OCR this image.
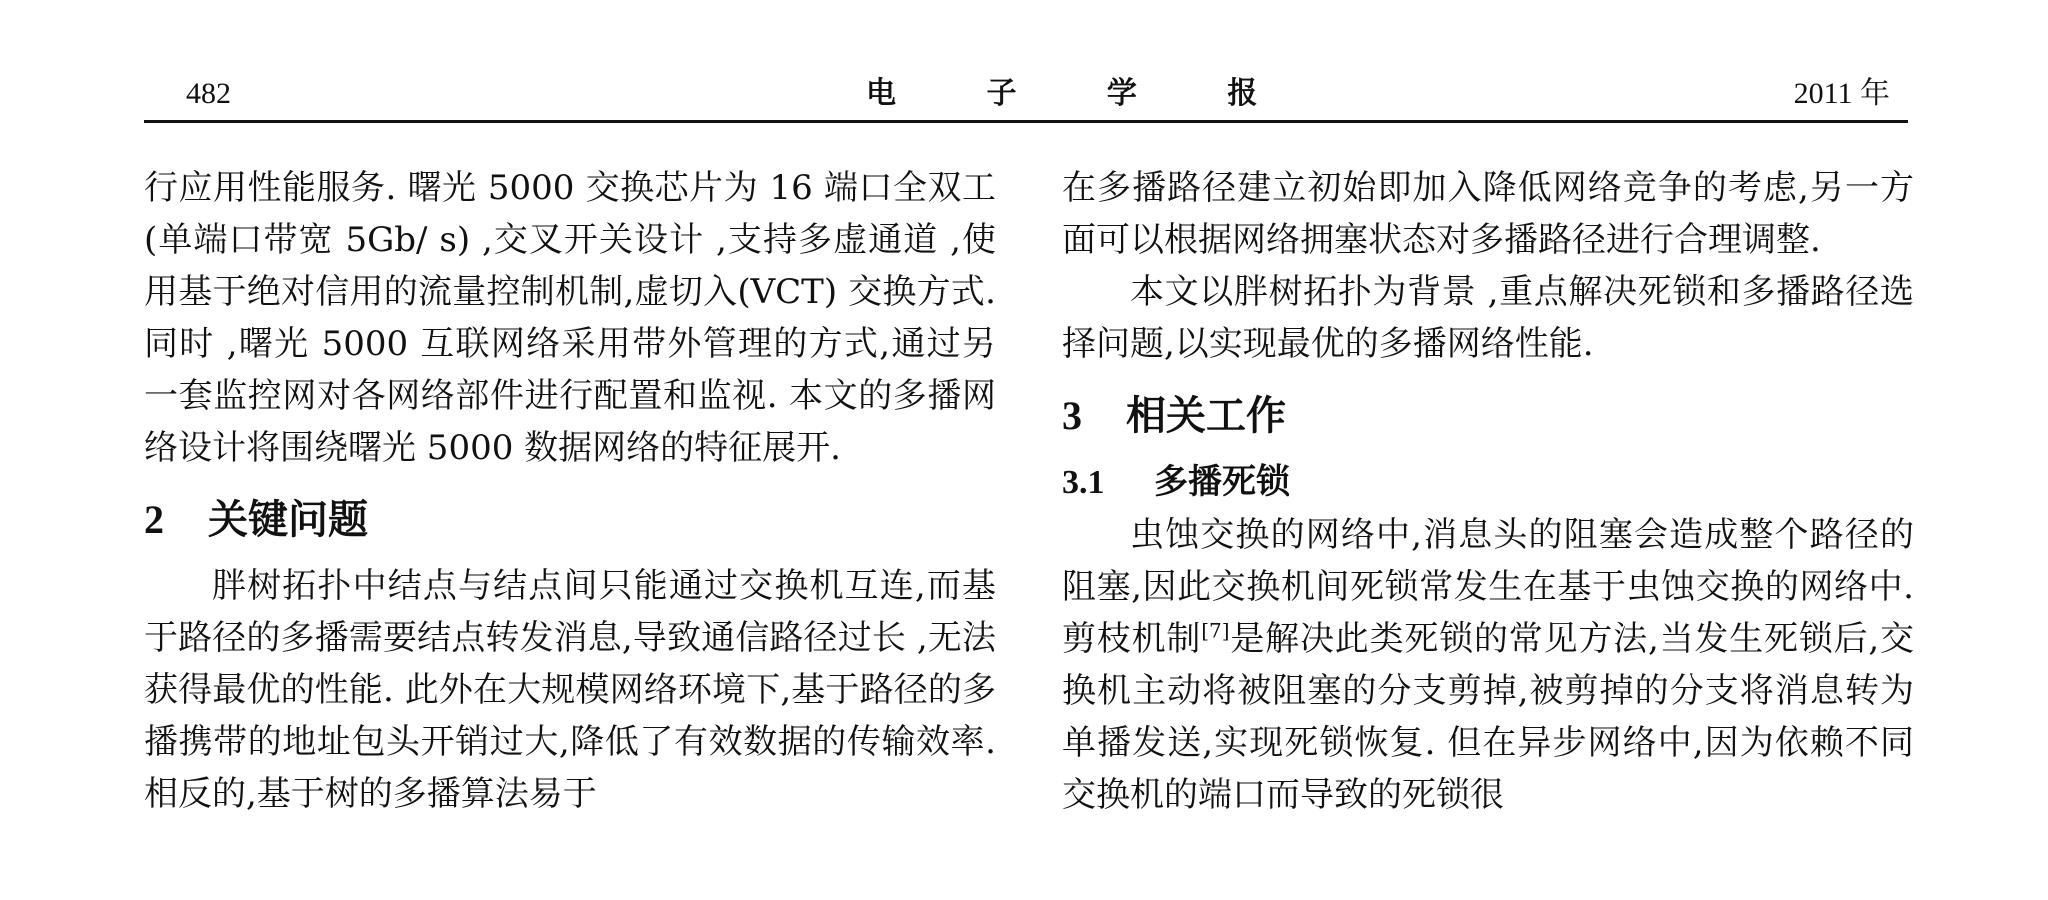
482	电 子 学 报	2011 年

行应用性能服务. 曙光 5000 交换芯片为 16 端口全双工(单端口带宽 5Gb/ s) ,交叉开关设计 ,支持多虚通道 ,使用基于绝对信用的流量控制机制,虚切入(VCT) 交换方式. 同时 ,曙光 5000 互联网络采用带外管理的方式,通过另一套监控网对各网络部件进行配置和监视. 本文的多播网络设计将围绕曙光 5000 数据网络的特征展开.

2 关键问题

胖树拓扑中结点与结点间只能通过交换机互连,而基于路径的多播需要结点转发消息,导致通信路径过长 ,无法获得最优的性能. 此外在大规模网络环境下,基于路径的多播携带的地址包头开销过大,降低了有效数据的传输效率. 相反的,基于树的多播算法易于

在多播路径建立初始即加入降低网络竞争的考虑,另一方面可以根据网络拥塞状态对多播路径进行合理调整.

本文以胖树拓扑为背景 ,重点解决死锁和多播路径选择问题,以实现最优的多播网络性能.

3 相关工作
3.1 多播死锁

虫蚀交换的网络中,消息头的阻塞会造成整个路径的阻塞,因此交换机间死锁常发生在基于虫蚀交换的网络中. 剪枝机制[7]是解决此类死锁的常见方法,当发生死锁后,交换机主动将被阻塞的分支剪掉,被剪掉的分支将消息转为单播发送,实现死锁恢复. 但在异步网络中,因为依赖不同交换机的端口而导致的死锁很
